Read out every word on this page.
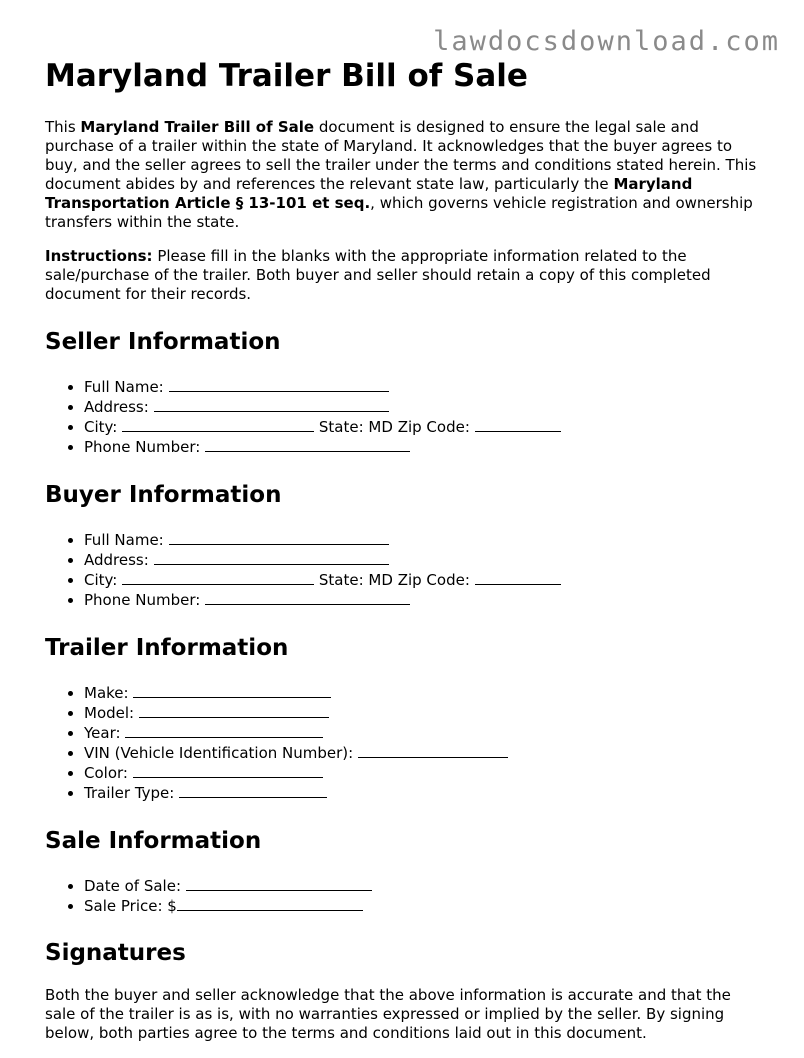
lawdocsdownload.com
Maryland Trailer Bill of Sale

This Maryland Trailer Bill of Sale document is designed to ensure the legal sale and purchase of a trailer within the state of Maryland. It acknowledges that the buyer agrees to buy, and the seller agrees to sell the trailer under the terms and conditions stated herein. This document abides by and references the relevant state law, particularly the Maryland Transportation Article § 13-101 et seq., which governs vehicle registration and ownership transfers within the state.

Instructions: Please fill in the blanks with the appropriate information related to the sale/purchase of the trailer. Both buyer and seller should retain a copy of this completed document for their records.

Seller Information
• Full Name:
• Address:
• City:	State: MD Zip Code:
• Phone Number:
Buyer Information
• Full Name:
• Address:
• City:	State: MD Zip Code:
• Phone Number:
Trailer Information
• Make:
• Model:
• Year:
• VIN (Vehicle Identification Number):
• Color:
• Trailer Type:
Sale Information
• Date of Sale:
• Sale Price: $
Signatures

Both the buyer and seller acknowledge that the above information is accurate and that the sale of the trailer is as is, with no warranties expressed or implied by the seller. By signing below, both parties agree to the terms and conditions laid out in this document.
